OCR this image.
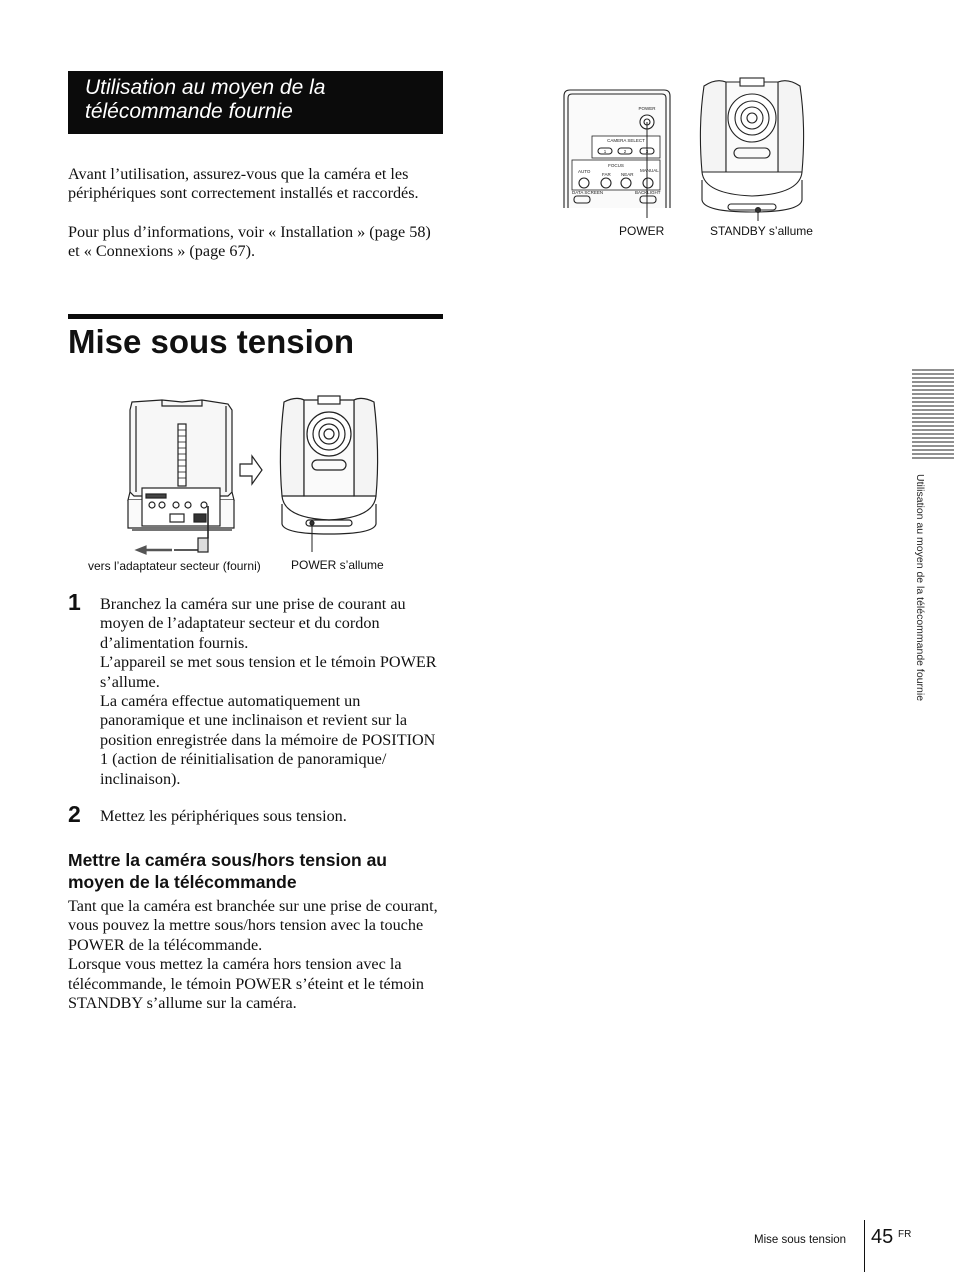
Utilisation au moyen de la
télécommande fournie
Avant l’utilisation, assurez-vous que la caméra et les
périphériques sont correctement installés et raccordés.
Pour plus d’informations, voir « Installation » (page 58)
et « Connexions » (page 67).
Mise sous tension
vers l’adaptateur secteur (fourni)	POWER s’allume
POWER
CAMERA SELECT
1	2	3
FOCUS
AUTO
FAR NEAR
MANUAL
DATA SCREEN	BACKLIGHT
POWER	STANDBY s’allume
1 Branchez la caméra sur une prise de courant au
moyen de l’adaptateur secteur et du cordon
d’alimentation fournis.
L’appareil se met sous tension et le témoin POWER
s’allume.
La caméra effectue automatiquement un
panoramique et une inclinaison et revient sur la
position enregistrée dans la mémoire de POSITION
1 (action de réinitialisation de panoramique/
inclinaison).
2 Mettez les périphériques sous tension.
Mettre la caméra sous/hors tension au
moyen de la télécommande
Tant que la caméra est branchée sur une prise de courant,
vous pouvez la mettre sous/hors tension avec la touche
POWER de la télécommande.
Lorsque vous mettez la caméra hors tension avec la
télécommande, le témoin POWER s’éteint et le témoin
STANDBY s’allume sur la caméra.
Utilisation au moyen de la télécommande fournie
Mise sous tension 45 FR
